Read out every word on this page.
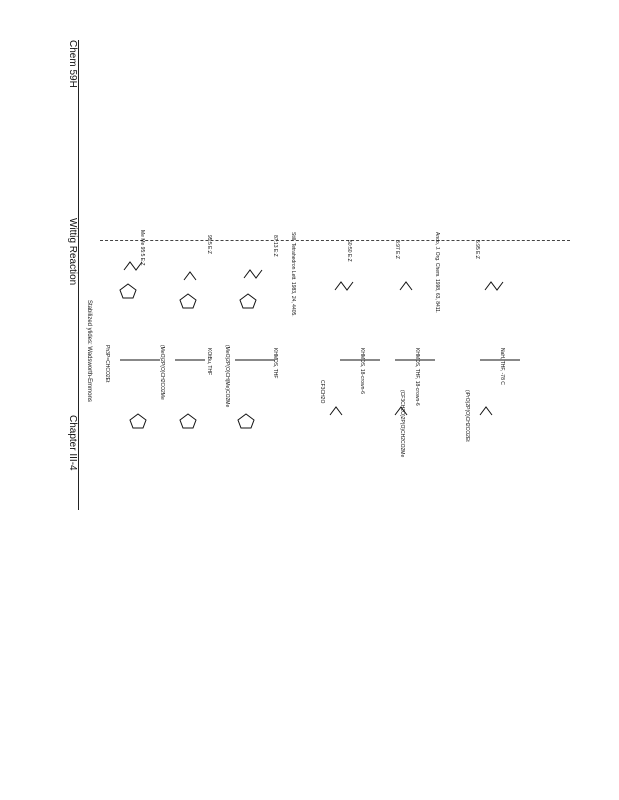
Chapter III-4
Wittig Reaction
Chem 59H
Stabilized ylides: Wadsworth-Emmons Ph3P=CHCO2Et
Me Me 95:5 E:Z
(MeO)2P(O)CH2CO2Me	KOtBu, THF
95:5 E:Z
(MeO)2P(O)CH(Me)CO2Me	KHMDS, THF
87:13 E:Z Still, Tetrahedron Lett. 1983, 24, 4405.
CF3CH2O	KHMDS, 18-crown-6
50:50 E:Z
(CF3CH2O)2P(O)CH2CO2Me
KHMDS, THF, 18-crown-6
3:97 E:Z	Ando, J. Org. Chem. 1998, 63, 8411.
(iPrO)2P(O)CH2CO2Et
NaH, THF, -78 C
5:95 E:Z
